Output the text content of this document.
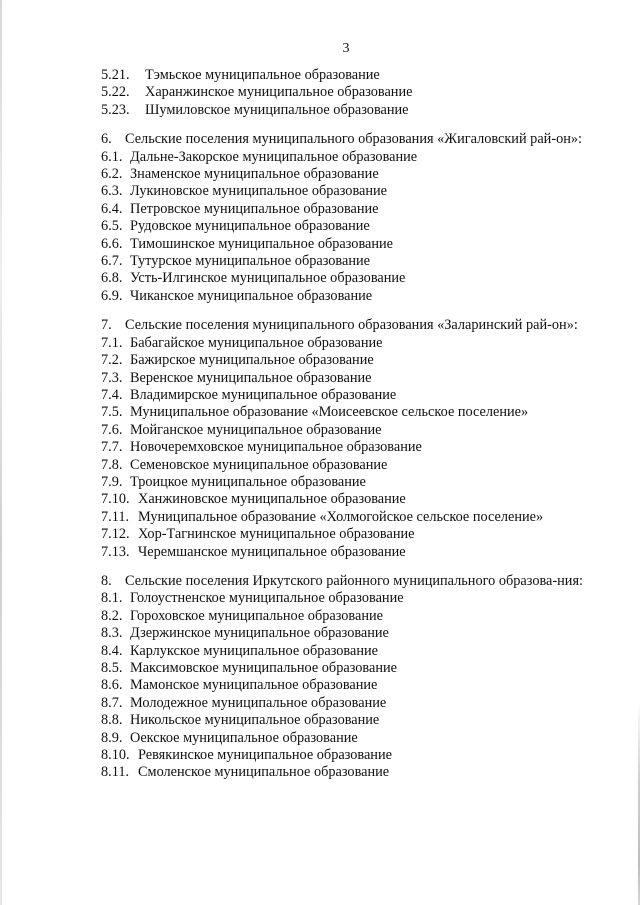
3
5.21.	Тэмьское муниципальное образование
5.22.	Харанжинское муниципальное образование
5.23.	Шумиловское муниципальное образование
6. Сельские поселения муниципального образования «Жигаловский рай-он»:
6.1. Дальне-Закорское муниципальное образование
6.2. Знаменское муниципальное образование
6.3. Лукиновское муниципальное образование
6.4. Петровское муниципальное образование
6.5. Рудовское муниципальное образование
6.6. Тимошинское муниципальное образование
6.7. Тутурское муниципальное образование
6.8. Усть-Илгинское муниципальное образование
6.9. Чиканское муниципальное образование
7. Сельские поселения муниципального образования «Заларинский рай-он»:
7.1. Бабагайское муниципальное образование
7.2. Бажирское муниципальное образование
7.3. Веренское муниципальное образование
7.4. Владимирское муниципальное образование
7.5. Муниципальное образование «Моисеевское сельское поселение»
7.6. Мойганское муниципальное образование
7.7. Новочеремховское муниципальное образование
7.8. Семеновское муниципальное образование
7.9. Троицкое муниципальное образование
7.10. Ханжиновское муниципальное образование
7.11. Муниципальное образование «Холмогойское сельское поселение»
7.12. Хор-Тагнинское муниципальное образование
7.13. Черемшанское муниципальное образование
8. Сельские поселения Иркутского районного муниципального образова-ния:
8.1. Голоустненское муниципальное образование
8.2. Гороховское муниципальное образование
8.3. Дзержинское муниципальное образование
8.4. Карлукское муниципальное образование
8.5. Максимовское муниципальное образование
8.6. Мамонское муниципальное образование
8.7. Молодежное муниципальное образование
8.8. Никольское муниципальное образование
8.9. Оекское муниципальное образование
8.10. Ревякинское муниципальное образование
8.11. Смоленское муниципальное образование
